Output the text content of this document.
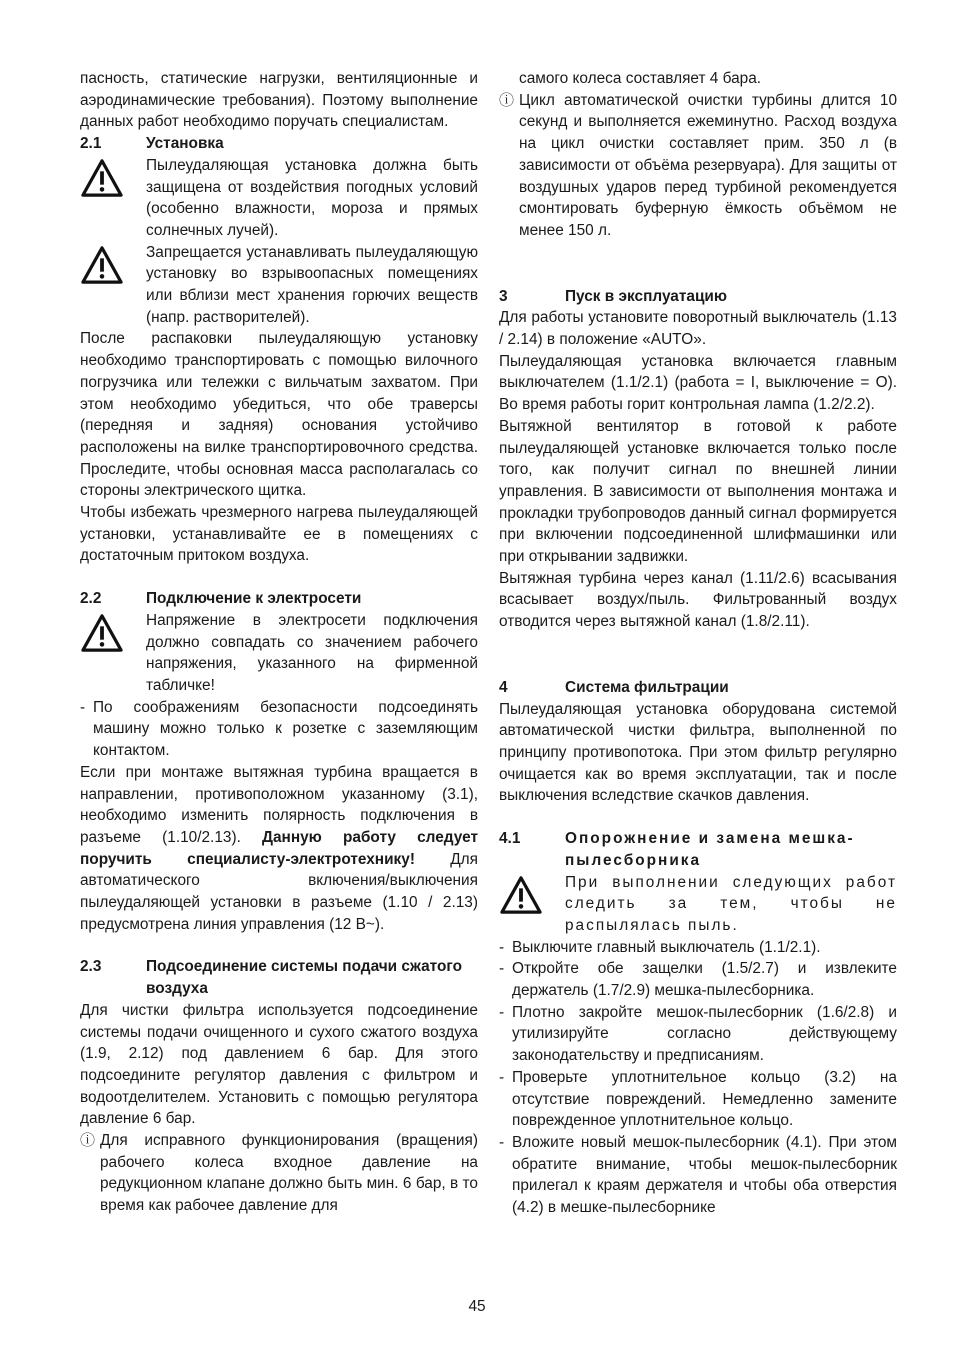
пасность, статические нагрузки, вентиляционные и аэродинамические требования). Поэтому выполнение данных работ необходимо поручать специалистам.

2.1	Установка
Пылеудаляющая установка должна быть защищена от воздействия погодных условий (особенно влажности, мороза и прямых солнечных лучей).
Запрещается устанавливать пылеудаляющую установку во взрывоопасных помещениях или вблизи мест хранения горючих веществ (напр. растворителей).

После распаковки пылеудаляющую установку необходимо транспортировать с помощью вилочного погрузчика или тележки с вильчатым захватом. При этом необходимо убедиться, что обе траверсы (передняя и задняя) основания устойчиво расположены на вилке транспортировочного средства. Проследите, чтобы основная масса располагалась со стороны электрического щитка.

Чтобы избежать чрезмерного нагрева пылеудаляющей установки, устанавливайте ее в помещениях с достаточным притоком воздуха.

2.2	Подключение к электросети
Напряжение в электросети подключения должно совпадать со значением рабочего напряжения, указанного на фирменной табличке!
- По соображениям безопасности подсоединять машину можно только к розетке с заземляющим контактом.

Если при монтаже вытяжная турбина вращается в направлении, противоположном указанному (3.1), необходимо изменить полярность подключения в разъеме (1.10/2.13). Данную работу следует поручить специалисту-электротехнику! Для автоматического включения/выключения пылеудаляющей установки в разъеме (1.10 / 2.13) предусмотрена линия управления (12 В~).

2.3	Подсоединение системы подачи сжатого воздуха

Для чистки фильтра используется подсоединение системы подачи очищенного и сухого сжатого воздуха (1.9, 2.12) под давлением 6 бар. Для этого подсоедините регулятор давления с фильтром и водоотделителем. Установить с помощью регулятора давление 6 бар.

ⓘ Для исправного функционирования (вращения) рабочего колеса входное давление на редукционном клапане должно быть мин. 6 бар, в то время как рабочее давление для
самого колеса составляет 4 бара.
ⓘ Цикл автоматической очистки турбины длится 10 секунд и выполняется ежеминутно. Расход воздуха на цикл очистки составляет прим. 350 л (в зависимости от объёма резервуара). Для защиты от воздушных ударов перед турбиной рекомендуется смонтировать буферную ёмкость объёмом не менее 150 л.
3	Пуск в эксплуатацию

Для работы установите поворотный выключатель (1.13 / 2.14) в положение «AUTO».

Пылеудаляющая установка включается главным выключателем (1.1/2.1) (работа = I, выключение = O). Во время работы горит контрольная лампа (1.2/2.2).

Вытяжной вентилятор в готовой к работе пылеудаляющей установке включается только после того, как получит сигнал по внешней линии управления. В зависимости от выполнения монтажа и прокладки трубопроводов данный сигнал формируется при включении подсоединенной шлифмашинки или при открывании задвижки.

Вытяжная турбина через канал (1.11/2.6) всасывания всасывает воздух/пыль. Фильтрованный воздух отводится через вытяжной канал (1.8/2.11).

4	Система фильтрации

Пылеудаляющая установка оборудована системой автоматической чистки фильтра, выполненной по принципу противопотока. При этом фильтр регулярно очищается как во время эксплуатации, так и после выключения вследствие скачков давления.

4.1	Опорожнение и замена мешка-пылесборника
При выполнении следующих работ следить за тем, чтобы не распылялась пыль.
- Выключите главный выключатель (1.1/2.1).
- Откройте обе защелки (1.5/2.7) и извлеките держатель (1.7/2.9) мешка-пылесборника.
- Плотно закройте мешок-пылесборник (1.6/2.8) и утилизируйте согласно действующему законодательству и предписаниям.
- Проверьте уплотнительное кольцо (3.2) на отсутствие повреждений. Немедленно замените поврежденное уплотнительное кольцо.
- Вложите новый мешок-пылесборник (4.1). При этом обратите внимание, чтобы мешок-пылесборник прилегал к краям держателя и чтобы оба отверстия (4.2) в мешке-пылесборнике
45
